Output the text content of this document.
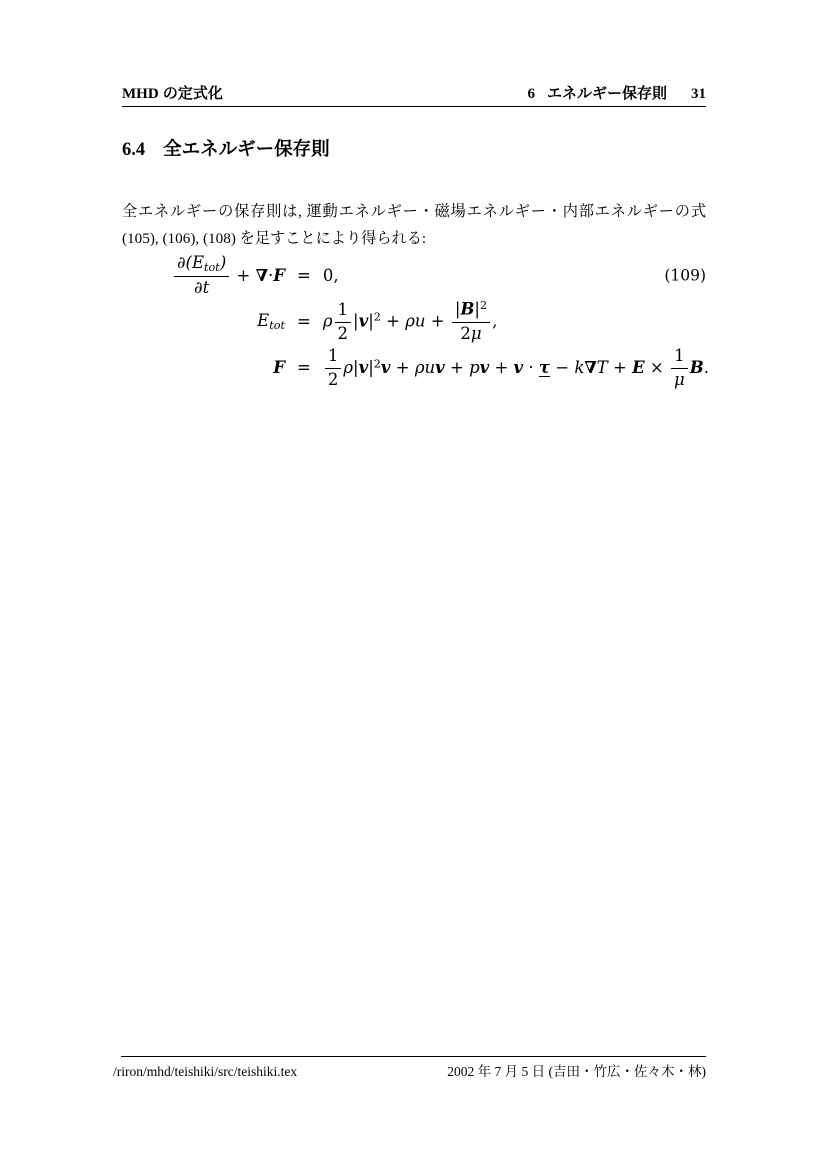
MHD の定式化	6 エネルギー保存則 31
6.4 全エネルギー保存則
全エネルギーの保存則は, 運動エネルギー・磁場エネルギー・内部エネルギーの式
(105), (106), (108) を足すことにより得られる:
$\frac{\partial(E_{tot})}{\partial t} + \nabla\cdot F = 0$,	(109)
$E_{tot} = \rho \frac{1}{2} |v|^2 + \rho u + \frac{|B|^2}{2\mu}$ ,
$F = \frac{1}{2} \rho|v|^2v + \rho uv$ + pv + $v \cdot \tau - k\nabla T + E \times \frac{1}{\mu} B$.
/riron/mhd/teishiki/src/teishiki.tex	2002 年 7 月 5 日 (吉田・竹広・佐々木・林)
